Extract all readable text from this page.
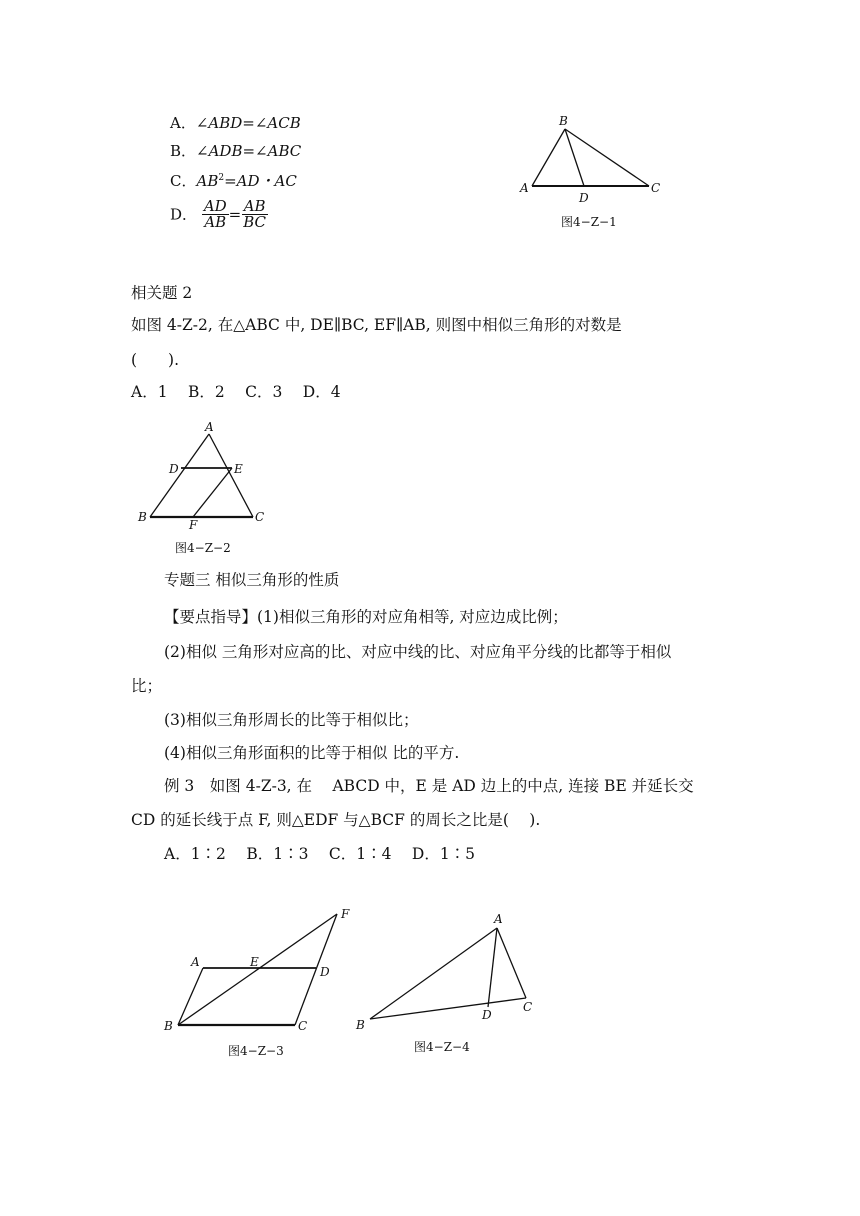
A．∠ABD=∠ACB
B．∠ADB=∠ABC
C．$AB^2=AD$・AC
D． $\frac{AD}{AB} = \frac{AB}{BC}$
B
A	C
D
图4−Z−1
相关题 2
如图 4-Z-2, 在△ABC 中, DE∥BC, EF∥AB, 则图中相似三角形的对数是
(　　).
A．1　 B．2　 C．3　 D．4
A
D	E
B
F
C
图4−Z−2
专题三 相似三角形的性质
【要点指导】(1)相似三角形的对应角相等, 对应边成比例；
(2)相似 三角形对应高的比、对应中线的比、对应角平分线的比都等于相似
比；
(3)相似三角形周长的比等于相似比；
(4)相似三角形面积的比等于相似 比的平方.
例 3　如图 4-Z-3, 在　 ABCD 中，E 是 AD 边上的中点, 连接 BE 并延长交
CD 的延长线于点 F, 则△EDF 与△BCF 的周长之比是(　 ).
A．1∶2　 B．1∶3　 C．1∶4　 D．1∶5
A	E
D
F
B	C
图4−Z−3
A
B
C
D
图4−Z−4
